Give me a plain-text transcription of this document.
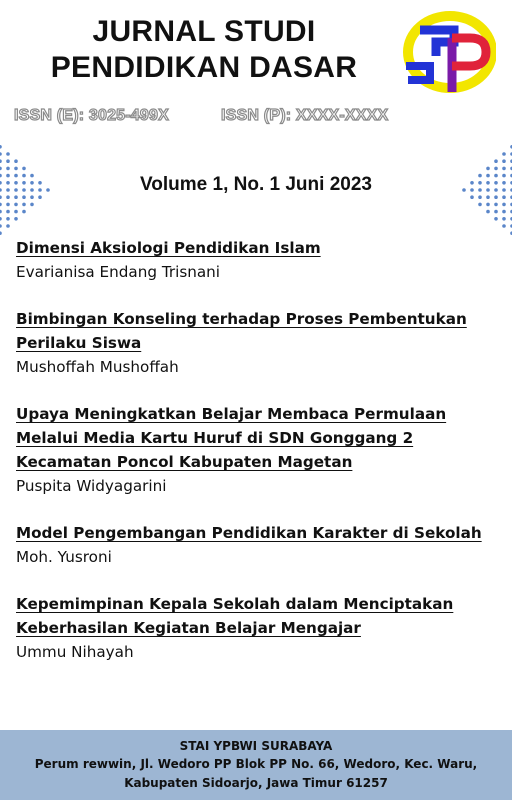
JURNAL STUDI
PENDIDIKAN DASAR
JSPD
ISSN (E): 3025-499X	ISSN (P): XXXX-XXXX
Volume 1, No. 1 Juni 2023
Dimensi Aksiologi Pendidikan Islam
Evarianisa Endang Trisnani
Bimbingan Konseling terhadap Proses Pembentukan Perilaku Siswa
Mushoffah Mushoffah
Upaya Meningkatkan Belajar Membaca Permulaan Melalui Media Kartu Huruf di SDN Gonggang 2 Kecamatan Poncol Kabupaten Magetan
Puspita Widyagarini
Model Pengembangan Pendidikan Karakter di Sekolah
Moh. Yusroni
Kepemimpinan Kepala Sekolah dalam Menciptakan Keberhasilan Kegiatan Belajar Mengajar
Ummu Nihayah
STAI YPBWI SURABAYA
Perum rewwin, Jl. Wedoro PP Blok PP No. 66, Wedoro, Kec. Waru, Kabupaten Sidoarjo, Jawa Timur 61257
